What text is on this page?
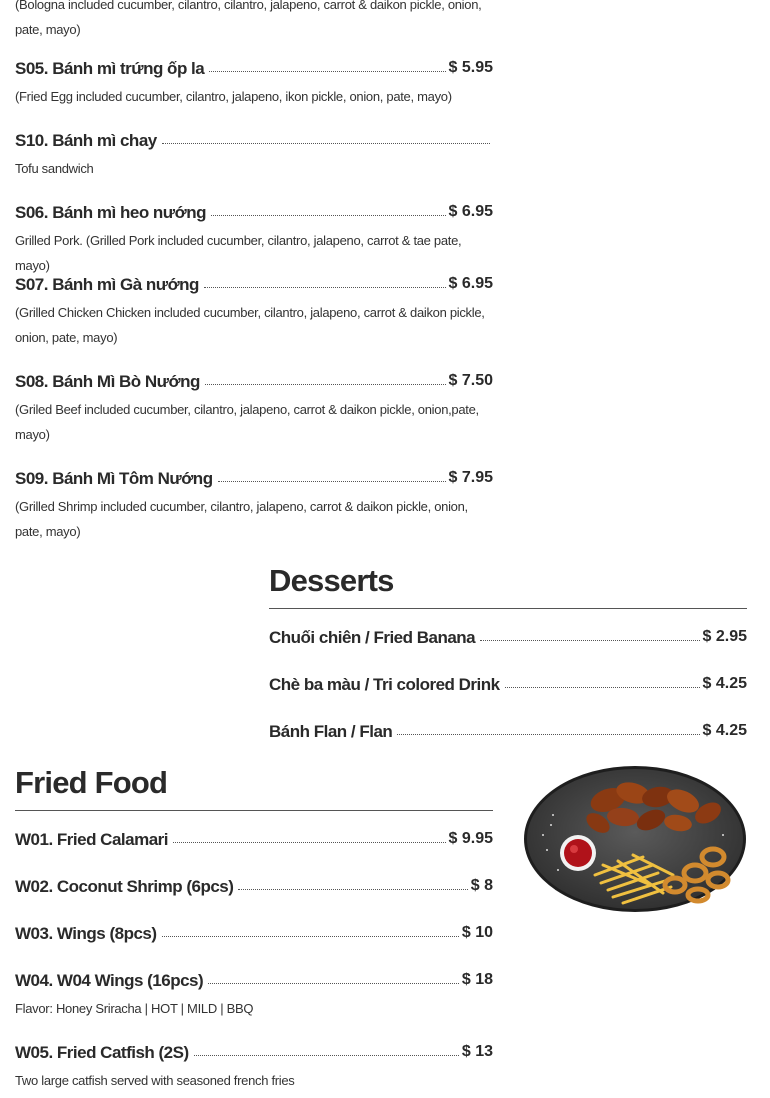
(Bologna included cucumber, cilantro, cilantro, jalapeno, carrot & daikon pickle, onion, pate, mayo)
S05. Bánh mì trứng ốp la	$ 5.95
(Fried Egg included cucumber, cilantro, jalapeno, ikon pickle, onion, pate, mayo)
S10. Bánh mì chay
Tofu sandwich
S06. Bánh mì heo nướng	$ 6.95
Grilled Pork. (Grilled Pork included cucumber, cilantro, jalapeno, carrot & tae pate, mayo)
S07. Bánh mì Gà nướng	$ 6.95
(Grilled Chicken Chicken included cucumber, cilantro, jalapeno, carrot & daikon pickle, onion, pate, mayo)
S08. Bánh Mì Bò Nướng	$ 7.50
(Griled Beef included cucumber, cilantro, jalapeno, carrot & daikon pickle, onion,pate, mayo)
S09. Bánh Mì Tôm Nướng	$ 7.95
(Grilled Shrimp included cucumber, cilantro, jalapeno, carrot & daikon pickle, onion, pate, mayo)
Desserts
Chuối chiên / Fried Banana	$ 2.95
Chè ba màu / Tri colored Drink	$ 4.25
Bánh Flan / Flan	$ 4.25
Fried Food
W01. Fried Calamari	$ 9.95
W02. Coconut Shrimp (6pcs)	$ 8
W03. Wings (8pcs)	$ 10
W04. W04 Wings (16pcs)	$ 18
Flavor: Honey Sriracha | HOT | MILD | BBQ
W05. Fried Catfish (2S)	$ 13
Two large catfish served with seasoned french fries
